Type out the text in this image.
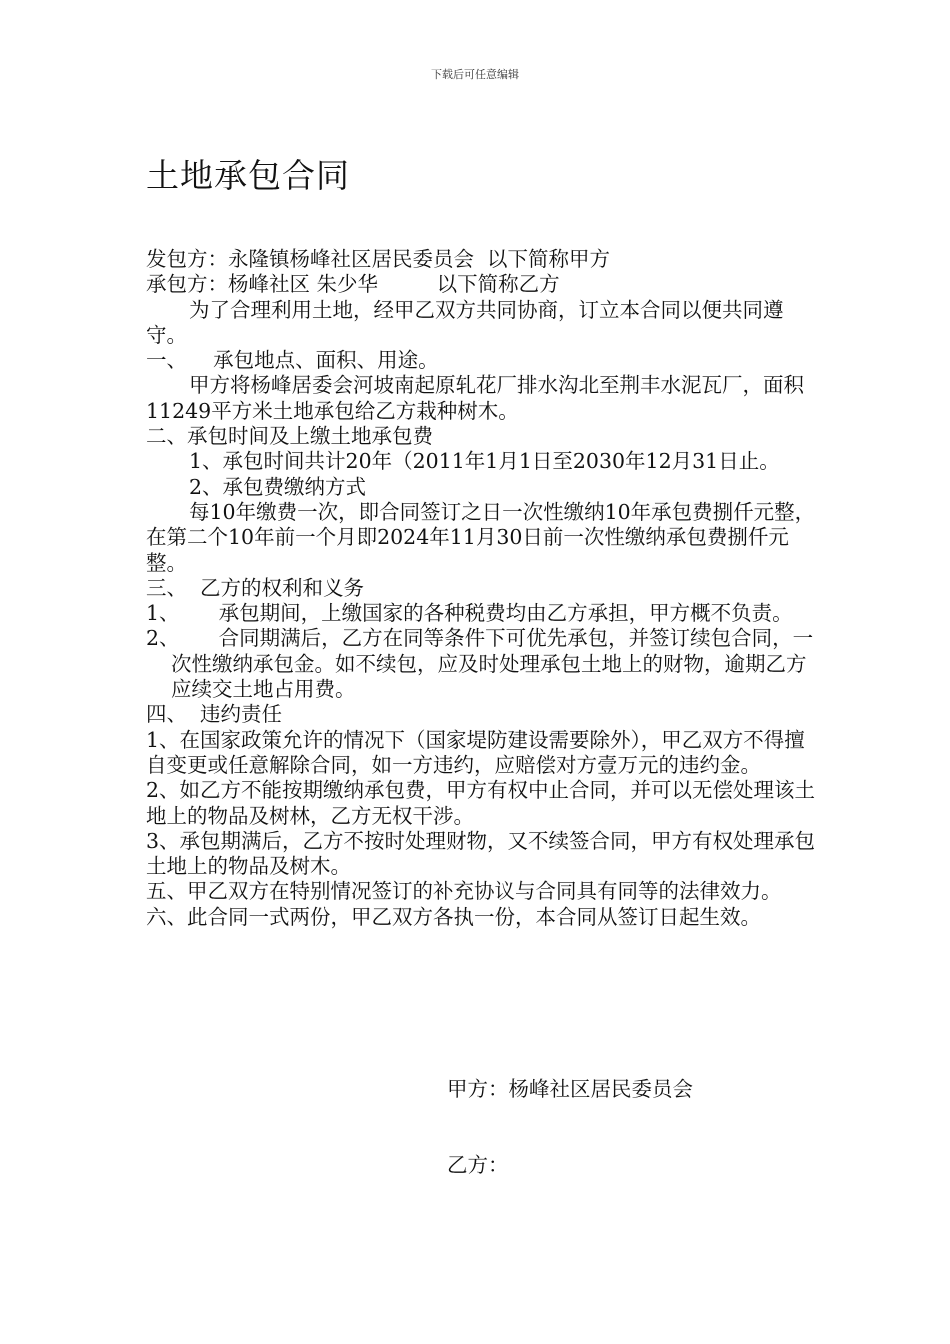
下载后可任意编辑
土地承包合同

发包方：永隆镇杨峰社区居民委员会  以下简称甲方

承包方：杨峰社区 朱少华         以下简称乙方

为了合理利用土地，经甲乙双方共同协商，订立本合同以便共同遵守。

一、    承包地点、面积、用途。

甲方将杨峰居委会河坡南起原轧花厂排水沟北至荆丰水泥瓦厂，面积11249平方米土地承包给乙方栽种树木。

二、承包时间及上缴土地承包费

1、承包时间共计20年（2011年1月1日至2030年12月31日止。

2、承包费缴纳方式

每10年缴费一次，即合同签订之日一次性缴纳10年承包费捌仟元整，在第二个10年前一个月即2024年11月30日前一次性缴纳承包费捌仟元整。

三、  乙方的权利和义务

1、      承包期间，上缴国家的各种税费均由乙方承担，甲方概不负责。

2、      合同期满后，乙方在同等条件下可优先承包，并签订续包合同，一次性缴纳承包金。如不续包，应及时处理承包土地上的财物，逾期乙方应续交土地占用费。

四、  违约责任

1、在国家政策允许的情况下（国家堤防建设需要除外），甲乙双方不得擅自变更或任意解除合同，如一方违约，应赔偿对方壹万元的违约金。

2、如乙方不能按期缴纳承包费，甲方有权中止合同，并可以无偿处理该土地上的物品及树林，乙方无权干涉。

3、承包期满后，乙方不按时处理财物，又不续签合同，甲方有权处理承包土地上的物品及树木。

五、甲乙双方在特别情况签订的补充协议与合同具有同等的法律效力。

六、此合同一式两份，甲乙双方各执一份，本合同从签订日起生效。

甲方：杨峰社区居民委员会
乙方：
